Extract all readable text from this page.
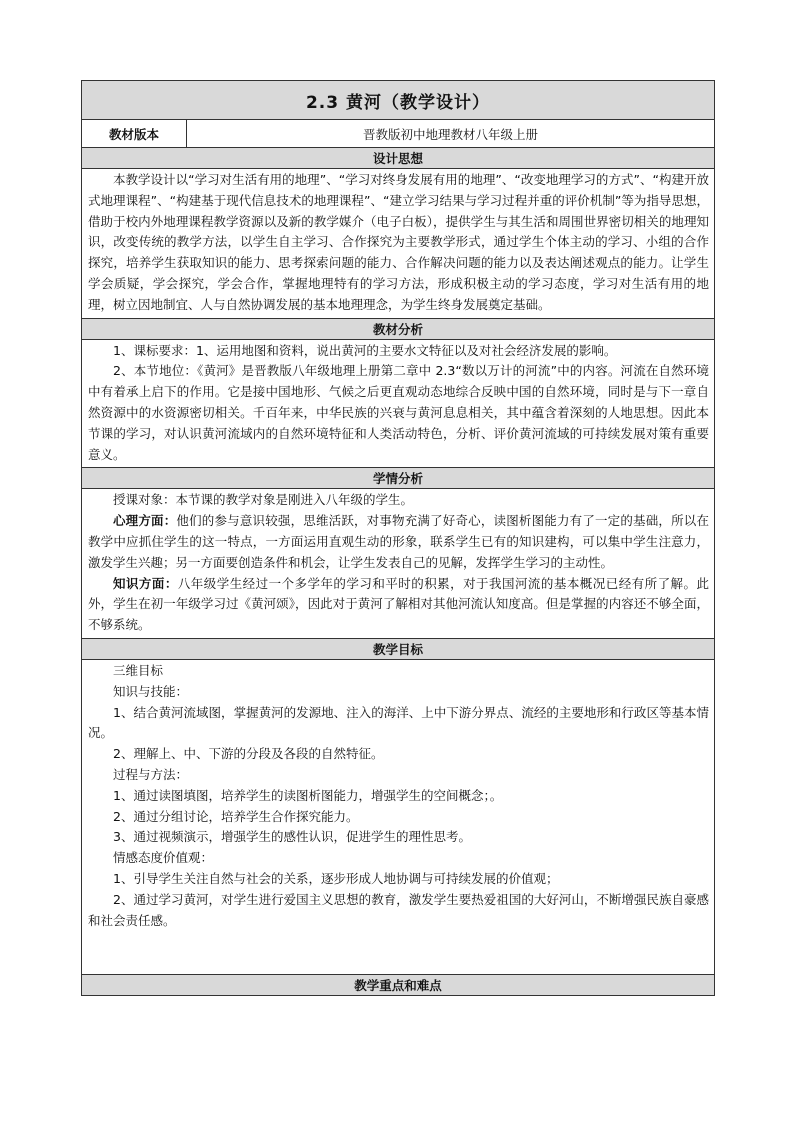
2.3 黄河（教学设计）
教材版本	晋教版初中地理教材八年级上册
设计思想

本教学设计以“学习对生活有用的地理”、“学习对终身发展有用的地理”、“改变地理学习的方式”、“构建开放式地理课程”、“构建基于现代信息技术的地理课程”、“建立学习结果与学习过程并重的评价机制”等为指导思想，借助于校内外地理课程教学资源以及新的教学媒介（电子白板），提供学生与其生活和周围世界密切相关的地理知识，改变传统的教学方法，以学生自主学习、合作探究为主要教学形式，通过学生个体主动的学习、小组的合作探究，培养学生获取知识的能力、思考探索问题的能力、合作解决问题的能力以及表达阐述观点的能力。让学生学会质疑，学会探究，学会合作，掌握地理特有的学习方法，形成积极主动的学习态度，学习对生活有用的地理，树立因地制宜、人与自然协调发展的基本地理理念，为学生终身发展奠定基础。

教材分析

1、课标要求：1、运用地图和资料，说出黄河的主要水文特征以及对社会经济发展的影响。

2、本节地位：《黄河》是晋教版八年级地理上册第二章中 2.3“数以万计的河流”中的内容。河流在自然环境中有着承上启下的作用。它是接中国地形、气候之后更直观动态地综合反映中国的自然环境，同时是与下一章自然资源中的水资源密切相关。千百年来，中华民族的兴衰与黄河息息相关，其中蕴含着深刻的人地思想。因此本节课的学习，对认识黄河流域内的自然环境特征和人类活动特色，分析、评价黄河流域的可持续发展对策有重要意义。

学情分析

授课对象：本节课的教学对象是刚进入八年级的学生。

心理方面：他们的参与意识较强，思维活跃，对事物充满了好奇心，读图析图能力有了一定的基础，所以在教学中应抓住学生的这一特点，一方面运用直观生动的形象，联系学生已有的知识建构，可以集中学生注意力，激发学生兴趣；另一方面要创造条件和机会，让学生发表自己的见解，发挥学生学习的主动性。

知识方面：八年级学生经过一个多学年的学习和平时的积累，对于我国河流的基本概况已经有所了解。此外，学生在初一年级学习过《黄河颂》，因此对于黄河了解相对其他河流认知度高。但是掌握的内容还不够全面，不够系统。

教学目标

三维目标

知识与技能：

1、结合黄河流域图，掌握黄河的发源地、注入的海洋、上中下游分界点、流经的主要地形和行政区等基本情况。

2、理解上、中、下游的分段及各段的自然特征。

过程与方法：

1、通过读图填图，培养学生的读图析图能力，增强学生的空间概念；。

2、通过分组讨论，培养学生合作探究能力。

3、通过视频演示，增强学生的感性认识，促进学生的理性思考。

情感态度价值观：

1、引导学生关注自然与社会的关系，逐步形成人地协调与可持续发展的价值观；

2、通过学习黄河，对学生进行爱国主义思想的教育，激发学生要热爱祖国的大好河山，不断增强民族自豪感和社会责任感。

教学重点和难点
